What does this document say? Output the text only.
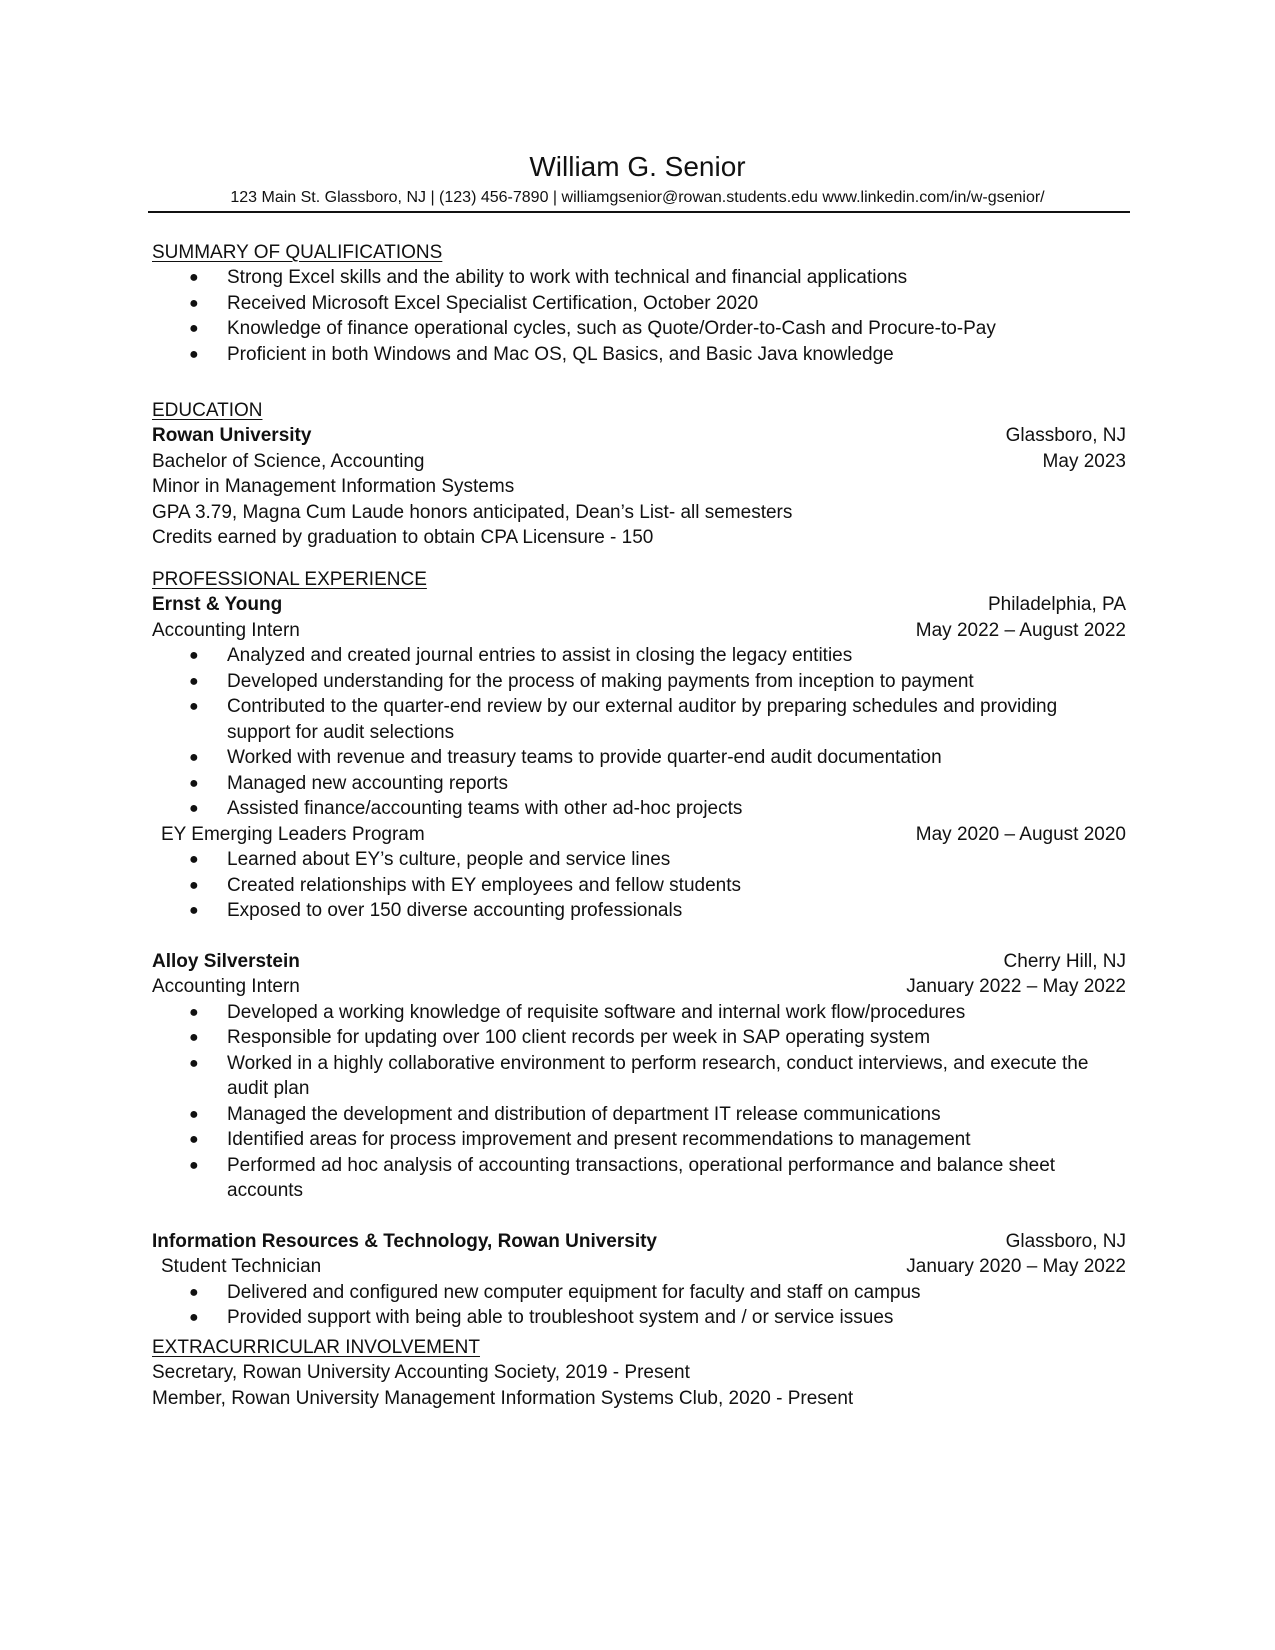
William G. Senior
123 Main St. Glassboro, NJ | (123) 456-7890 | williamgsenior@rowan.students.edu www.linkedin.com/in/w-gsenior/
SUMMARY OF QUALIFICATIONS
● Strong Excel skills and the ability to work with technical and financial applications
● Received Microsoft Excel Specialist Certification, October 2020
● Knowledge of finance operational cycles, such as Quote/Order-to-Cash and Procure-to-Pay
● Proficient in both Windows and Mac OS, QL Basics, and Basic Java knowledge
EDUCATION
Rowan University	Glassboro, NJ
Bachelor of Science, Accounting	May 2023
Minor in Management Information Systems
GPA 3.79, Magna Cum Laude honors anticipated, Dean’s List- all semesters
Credits earned by graduation to obtain CPA Licensure - 150
PROFESSIONAL EXPERIENCE
Ernst & Young	Philadelphia, PA
Accounting Intern	May 2022 – August 2022
● Analyzed and created journal entries to assist in closing the legacy entities
● Developed understanding for the process of making payments from inception to payment
● Contributed to the quarter-end review by our external auditor by preparing schedules and providing support for audit selections
● Worked with revenue and treasury teams to provide quarter-end audit documentation
● Managed new accounting reports
● Assisted finance/accounting teams with other ad-hoc projects
EY Emerging Leaders Program	May 2020 – August 2020
● Learned about EY’s culture, people and service lines
● Created relationships with EY employees and fellow students
● Exposed to over 150 diverse accounting professionals
Alloy Silverstein	Cherry Hill, NJ
Accounting Intern	January 2022 – May 2022
● Developed a working knowledge of requisite software and internal work flow/procedures
● Responsible for updating over 100 client records per week in SAP operating system
● Worked in a highly collaborative environment to perform research, conduct interviews, and execute the audit plan
● Managed the development and distribution of department IT release communications
● Identified areas for process improvement and present recommendations to management
● Performed ad hoc analysis of accounting transactions, operational performance and balance sheet accounts
Information Resources & Technology, Rowan University	Glassboro, NJ
Student Technician	January 2020 – May 2022
● Delivered and configured new computer equipment for faculty and staff on campus
● Provided support with being able to troubleshoot system and / or service issues
EXTRACURRICULAR INVOLVEMENT
Secretary, Rowan University Accounting Society, 2019 - Present
Member, Rowan University Management Information Systems Club, 2020 - Present
